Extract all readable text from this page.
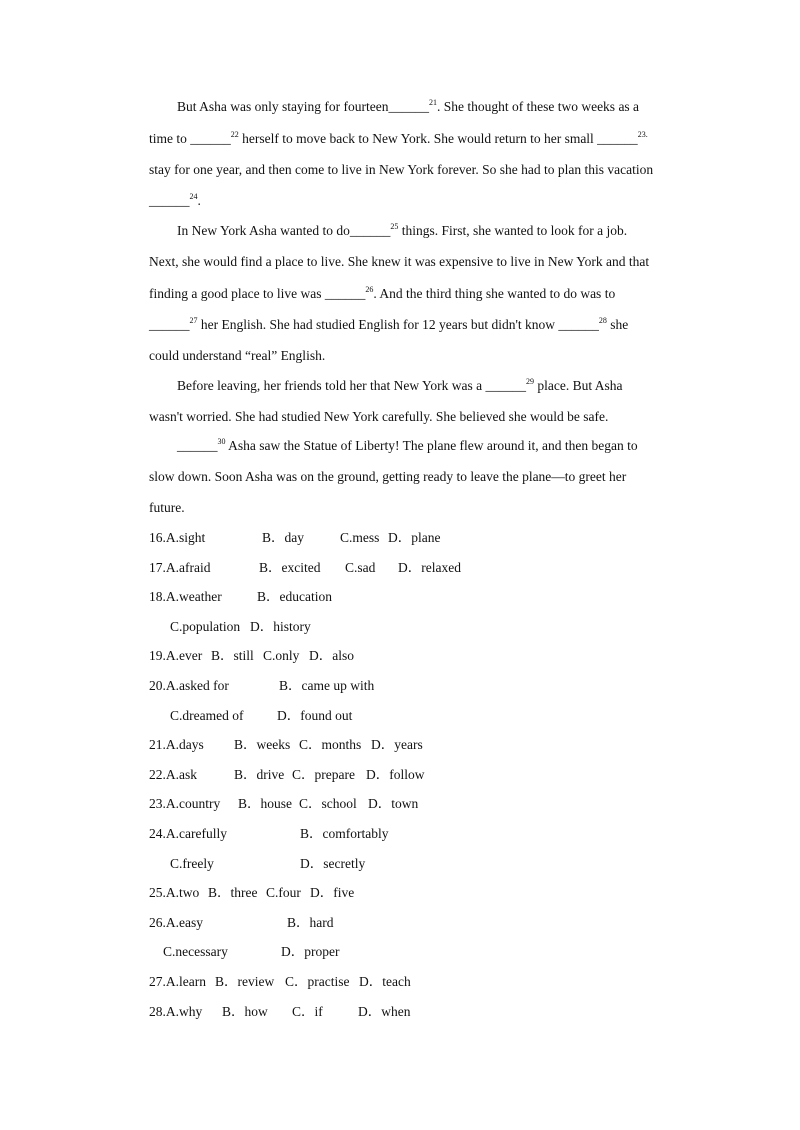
But Asha was only staying for fourteen______$^{21}$. She thought of these two weeks as a
time to ______$^{22}$ herself to move back to New York. She would return to her small ______$^{23.}$
stay for one year, and then come to live in New York forever. So she had to plan this vacation
______$^{24}$.
In New York Asha wanted to do______$^{25}$ things. First, she wanted to look for a job.
Next, she would find a place to live. She knew it was expensive to live in New York and that
finding a good place to live was ______$^{26}$. And the third thing she wanted to do was to
______$^{27}$ her English. She had studied English for 12 years but didn't know ______$^{28}$ she
could understand “real” English.
Before leaving, her friends told her that New York was a ______$^{29}$ place. But Asha
wasn't worried. She had studied New York carefully. She believed she would be safe.
______$^{30}$ Asha saw the Statue of Liberty! The plane flew around it, and then began to
slow down. Soon Asha was on the ground, getting ready to leave the plane—to greet her
future.
16.A.sight	B．day	C.mess D．plane
17.A.afraid	B．excited C.sad D．relaxed
18.A.weather	B．education
C.population D．history
19.A.ever B．still C.only D．also
20.A.asked for	B．came up with
C.dreamed of D．found out
21.A.days B．weeks C．months D．years
22.A.ask	B．drive C．prepare D．follow
23.A.country B．house C．school D．town
24.A.carefully	B．comfortably
C.freely	D．secretly
25.A.two B．three C.four D．five
26.A.easy	B．hard
C.necessary	D．proper
27.A.learn B．review C．practise D．teach
28.A.why B．how C．if	D．when
